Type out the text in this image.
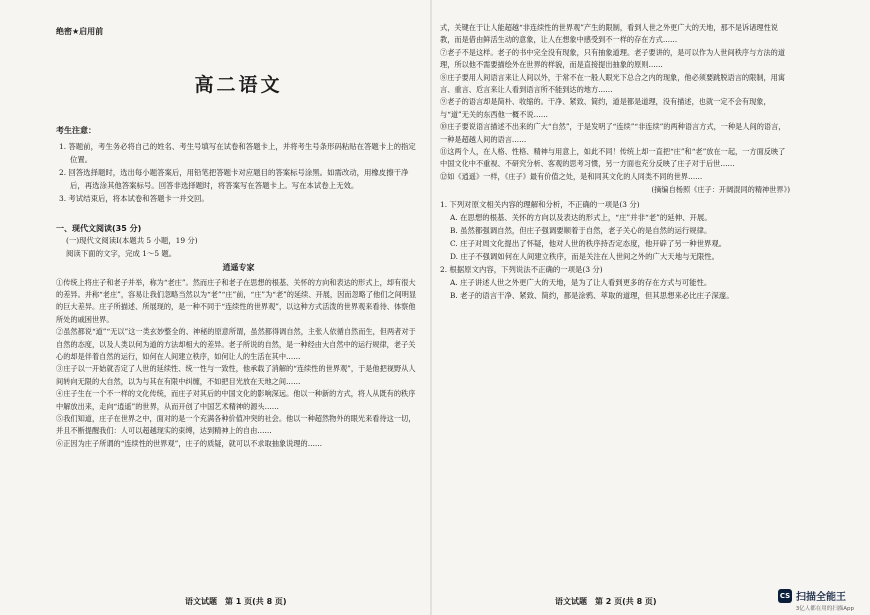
绝密★启用前
高二语文
考生注意：
1. 答题前，考生务必将自己的姓名、考生号填写在试卷和答题卡上，并将考生号条形码粘贴在答题卡上的指定位置。
2. 回答选择题时，选出每小题答案后，用铅笔把答题卡对应题目的答案标号涂黑。如需改动，用橡皮擦干净后，再选涂其他答案标号。回答非选择题时，将答案写在答题卡上。写在本试卷上无效。
3. 考试结束后，将本试卷和答题卡一并交回。
一、现代文阅读(35 分)
(一)现代文阅读Ⅰ(本题共 5 小题，19 分)
阅读下面的文字，完成 1～5 题。
逍遥专家
①传统上将庄子和老子并举，称为“老庄”。然而庄子和老子在思想的根基、关怀的方向和表达的形式上，却有很大的差异。并称“老庄”，容易让我们忽略当然以为“老”“庄”前，“庄”为“老”的延续、开展，因而忽略了他们之间明显的巨大差异。庄子所描述、所展现的，是一种不同于“连续性的世界观”，以这种方式活泼的世界观来看待、体察他所处的戚困世界。
②虽然都说“道”“无以”这一类玄妙整全的、神秘的原意所谓，虽然都得调自然，主张人依循自然而生，但两者对于自然的态度，以及人类以何为道的方法却相大的差异。老子所说的自然，是一种经由大自然中的运行规律，老子关心的却是伴着自然的运行，如何在人间建立秩序，如何让人的生活在其中……
③庄子以一开始就否定了人世的延续性、统一性与一致性，他承载了消解的“连续性的世界观”，于是他把视野从人间转向无限的大自然，以为与其在有限中纠缠，不如把目光放在天地之间……
④庄子生在一个不一样的文化传统，而庄子对其后的中国文化的影响深远。他以一种新的方式，将人从既有的秩序中解放出来，走向“逍遥”的世界，从而开创了中国艺术精神的源头……
⑤我们知道，庄子在世界之中，面对的是一个充满各种价值冲突的社会。他以一种超然物外的眼光来看待这一切，并且不断提醒我们：人可以超越现实的束缚，达到精神上的自由……
⑥正因为庄子所谓的“连续性的世界观”，庄子的质疑，就可以不求取抽象说理的……
语文试题　第 1 页(共 8 页)
式，关键在于让人能超越“非连续性的世界观”产生的限制，看到人世之外更广大的天地，那不是诉诸理性说教，而是借由鲜活生动的意象，让人在想象中感受到不一样的存在方式……
⑦老子不是这样。老子的书中完全没有现象，只有抽象道理。老子要讲的，是可以作为人世间秩序与方法的道理，所以他不需要描绘外在世界的样貌，而是直接提出抽象的原则……
⑧庄子要用人间语言来让人间以外，于常不在一般人眼光下总合之内的现象，他必须要跳脱语言的限制，用寓言、重言、卮言来让人看到语言所不能到达的地方……
⑨老子的语言却是简朴、收缩的。干净、紧致、简约，道是都是道理，没有描述，也就一定不会有现象，与“道”无关的东西他一概不说……
⑩庄子要说语言描述不出来的广大“自然”，于是发明了“连续”“非连续”的两种语言方式，一种是人间的语言，一种是超越人间的语言……
⑪这两个人，在人格、性格、精神与用意上，如此不同！传统上却一直把“庄”和“老”放在一起，一方面反映了中国文化中不重视、不研究分析、客观的思考习惯，另一方面也充分反映了庄子对于后世……
⑫如《逍遥》一样，《庄子》最有价值之处，是和同其文化的人同类不同的世界……
(摘编自杨照《庄子：开阔混同的精神世界》)
1. 下列对原文相关内容的理解和分析，不正确的一项是(3 分)
A. 在思想的根基、关怀的方向以及表达的形式上，“庄”并非“老”的延伸、开展。
B. 虽然都强调自然，但庄子强调要顺着于自然，老子关心的是自然的运行规律。
C. 庄子对周文化提出了怀疑，他对人世的秩序持否定态度，他开辟了另一种世界观。
D. 庄子不强调如何在人间建立秩序，而是关注在人世间之外的广大天地与无限性。
2. 根据原文内容，下列说法不正确的一项是(3 分)
A. 庄子讲述人世之外更广大的天地，是为了让人看到更多的存在方式与可能性。
B. 老子的语言干净、紧致、简约，都是涂鸦、萃取的道理，但其思想来必比庄子深邃。
语文试题　第 2 页(共 8 页)
CS 扫描全能王
3亿人都在用的扫描App
